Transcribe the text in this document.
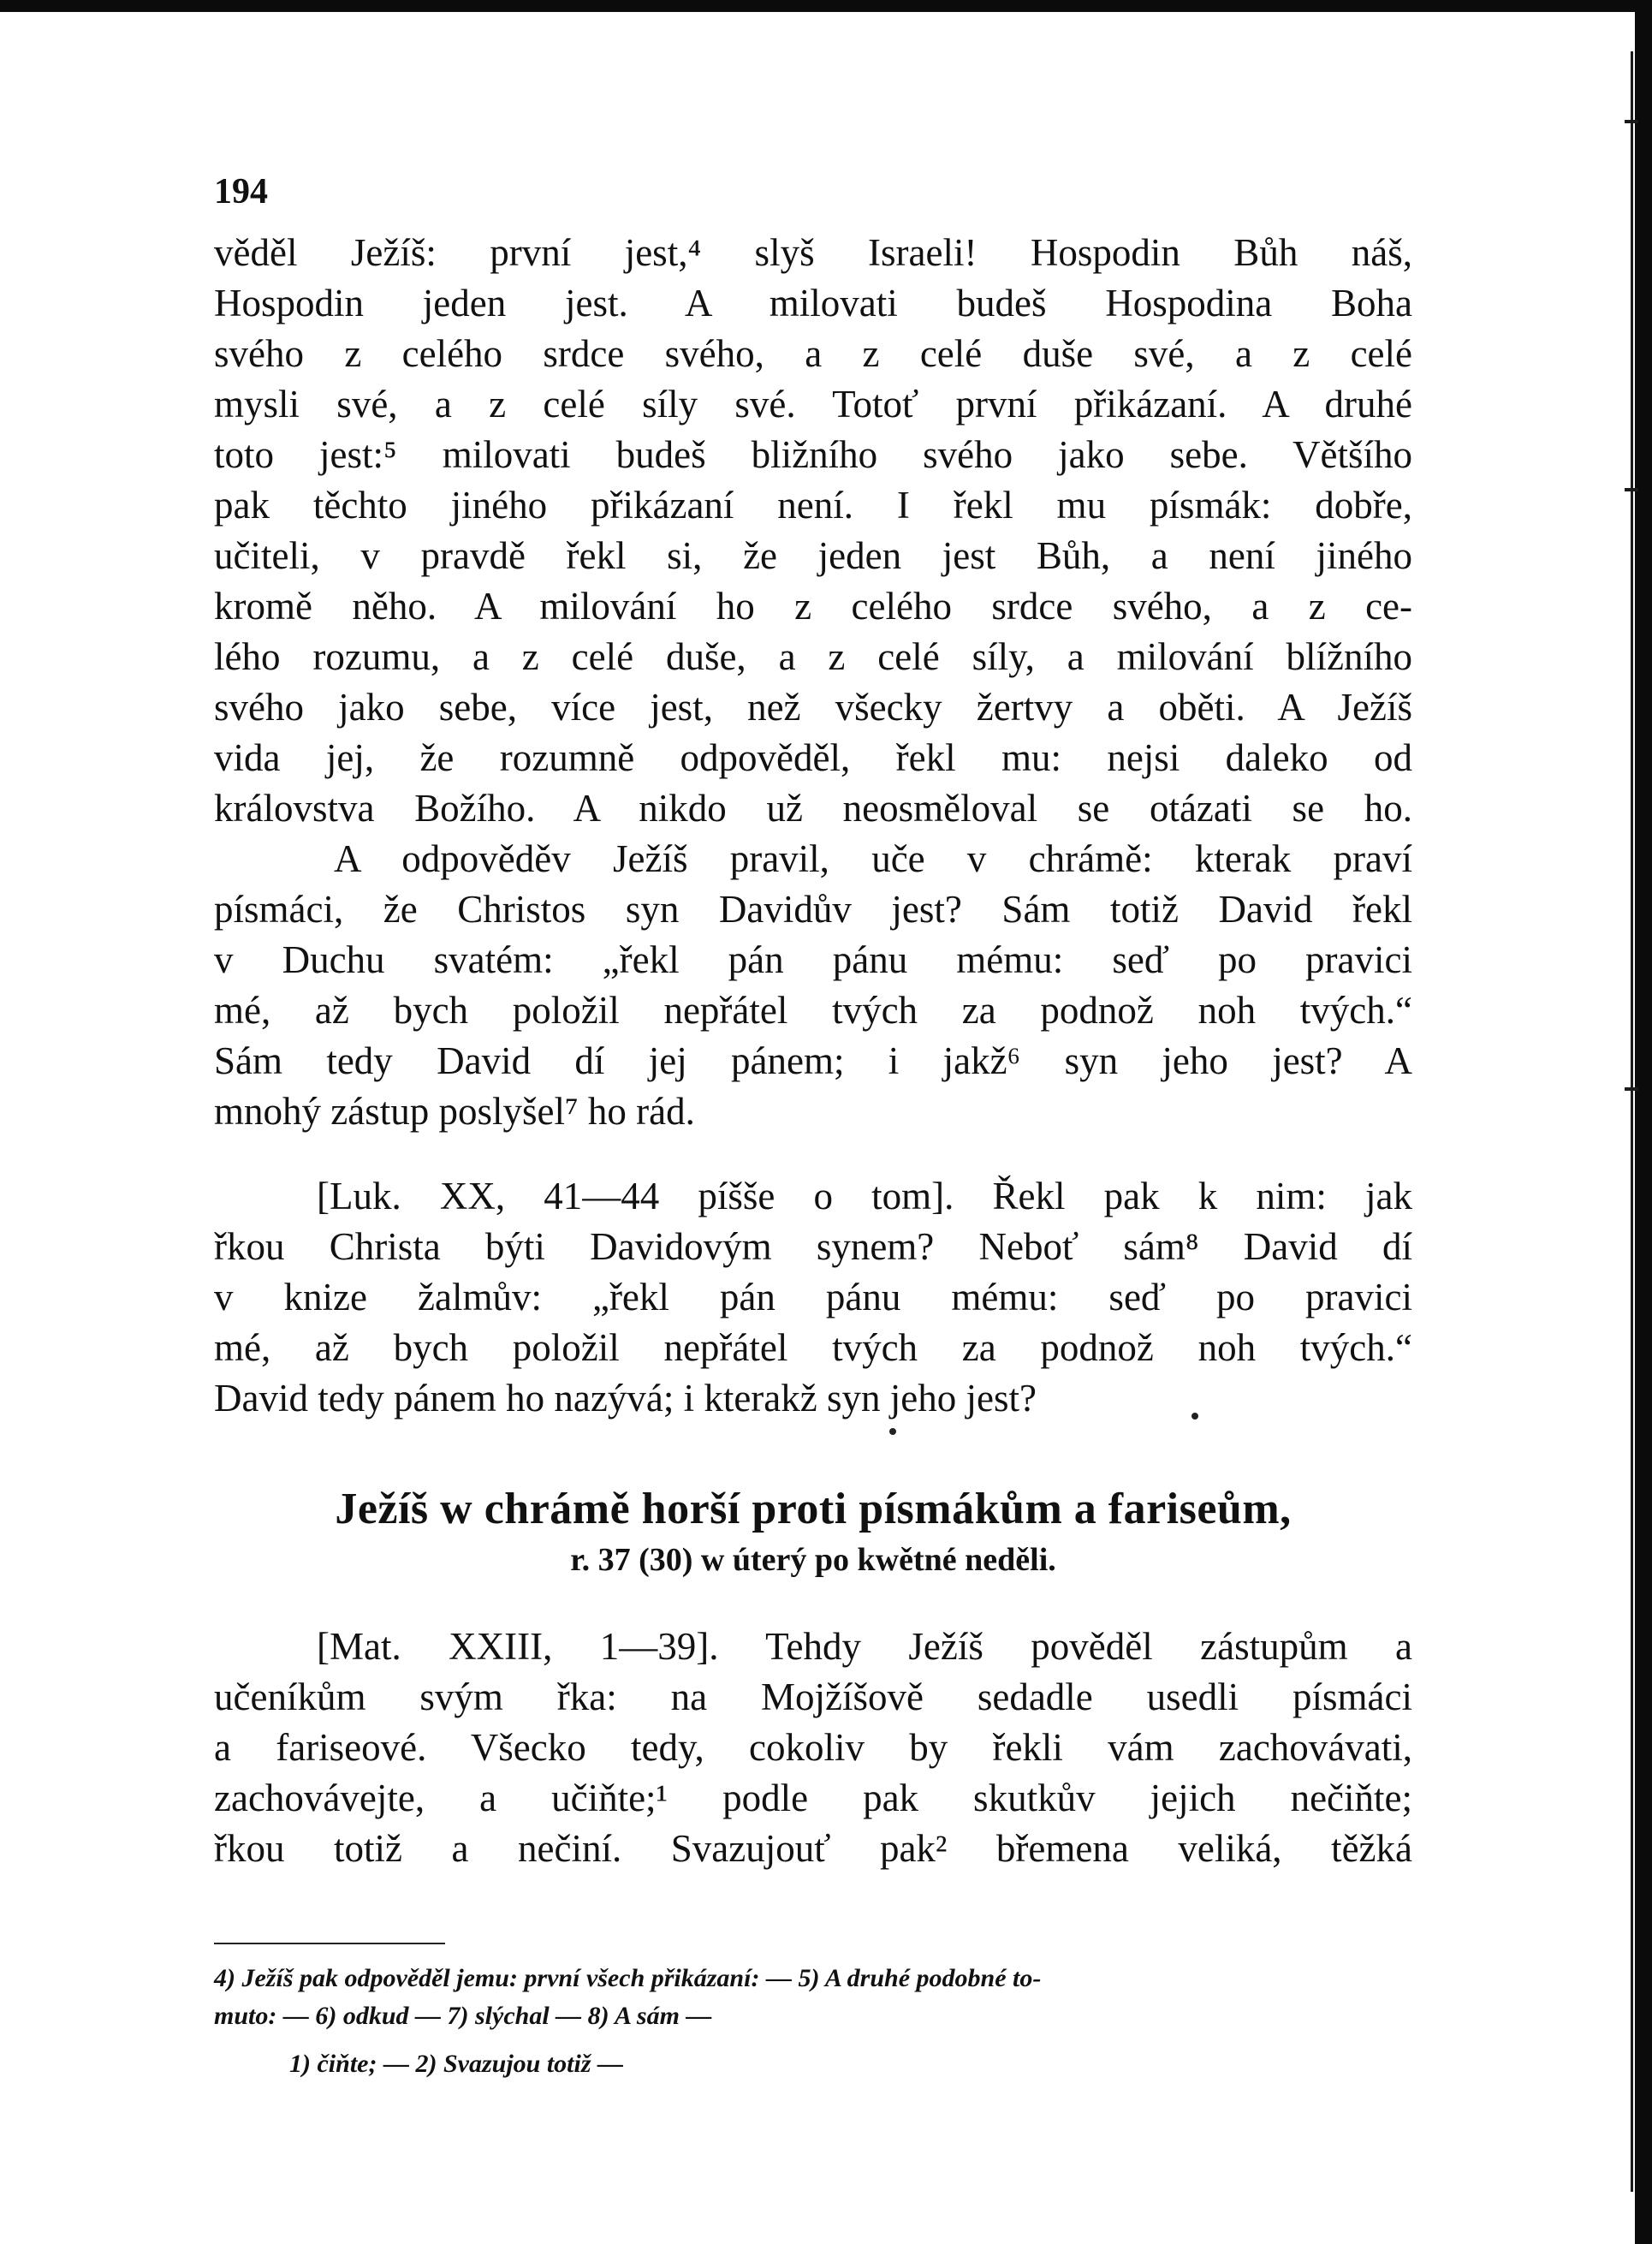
194
věděl Ježíš: první jest,⁴ slyš Israeli! Hospodin Bůh náš,
Hospodin jeden jest. A milovati budeš Hospodina Boha
svého z celého srdce svého, a z celé duše své, a z celé
mysli své, a z celé síly své. Totoť první přikázaní. A druhé
toto jest:⁵ milovati budeš bližního svého jako sebe. Většího
pak těchto jiného přikázaní není. I řekl mu písmák: dobře,
učiteli, v pravdě řekl si, že jeden jest Bůh, a není jiného
kromě něho. A milování ho z celého srdce svého, a z ce-
lého rozumu, a z celé duše, a z celé síly, a milování blížního
svého jako sebe, více jest, než všecky žertvy a oběti. A Ježíš
vida jej, že rozumně odpověděl, řekl mu: nejsi daleko od
královstva Božího. A nikdo už neosměloval se otázati se ho.
A odpověděv Ježíš pravil, uče v chrámě: kterak praví
písmáci, že Christos syn Davidův jest? Sám totiž David řekl
v Duchu svatém: „řekl pán pánu mému: seď po pravici
mé, až bych položil nepřátel tvých za podnož noh tvých.“
Sám tedy David dí jej pánem; i jakž⁶ syn jeho jest? A
mnohý zástup poslyšel⁷ ho rád.
[Luk. XX, 41—44 píšše o tom]. Řekl pak k nim: jak
řkou Christa býti Davidovým synem? Neboť sám⁸ David dí
v knize žalmův: „řekl pán pánu mému: seď po pravici
mé, až bych položil nepřátel tvých za podnož noh tvých.“
David tedy pánem ho nazývá; i kterakž syn jeho jest?
Ježíš w chrámě horší proti písmákům a fariseům,
r. 37 (30) w úterý po kwětné neděli.
[Mat. XXIII, 1—39]. Tehdy Ježíš pověděl zástupům a
učeníkům svým řka: na Mojžíšově sedadle usedli písmáci
a fariseové. Všecko tedy, cokoliv by řekli vám zachovávati,
zachovávejte, a učiňte;¹ podle pak skutkův jejich nečiňte;
řkou totiž a nečiní. Svazujouť pak² břemena veliká, těžká
4) Ježíš pak odpověděl jemu: první všech přikázaní: — 5) A druhé podobné to-
muto: — 6) odkud — 7) slýchal — 8) A sám —
1) čiňte; — 2) Svazujou totiž —
